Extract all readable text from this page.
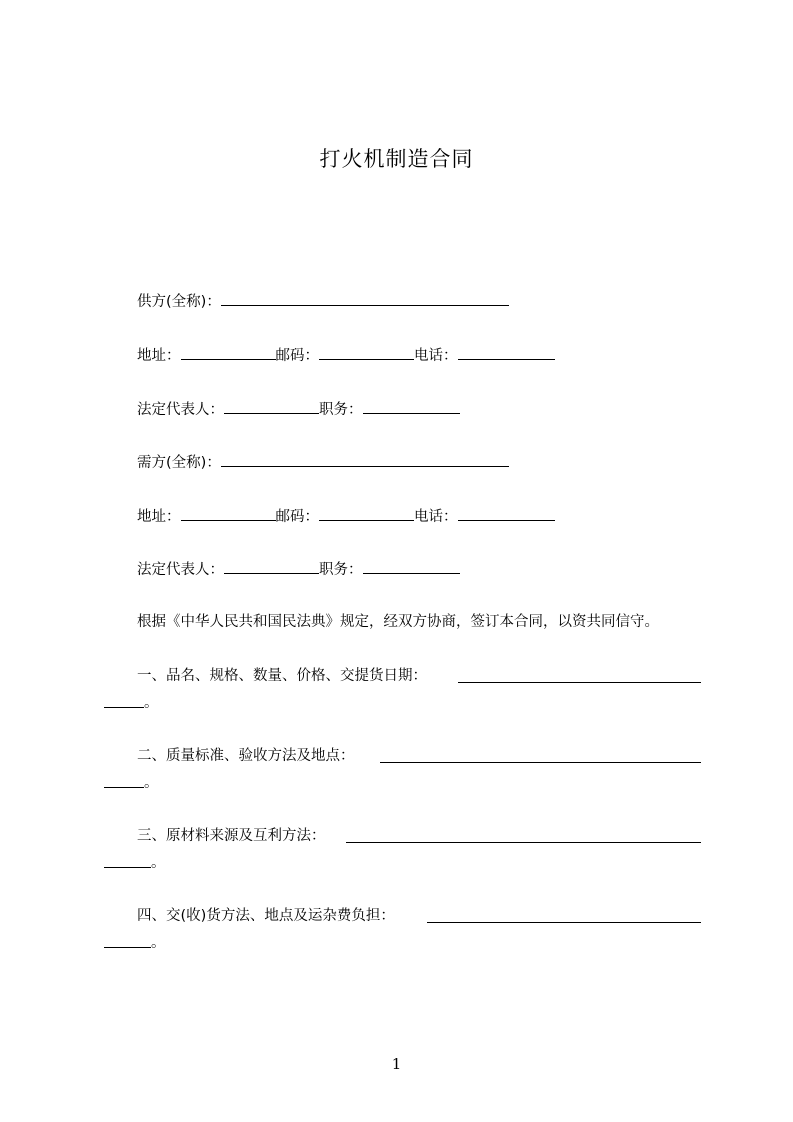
打火机制造合同
供方(全称)：
地址：	邮码：	电话：
法定代表人：	职务：
需方(全称)：
地址：	邮码：	电话：
法定代表人：	职务：
根据《中华人民共和国民法典》规定，经双方协商，签订本合同，以资共同信守。
一、品名、规格、数量、价格、交提货日期：
。
二、质量标准、验收方法及地点：
。
三、原材料来源及互利方法：
。
四、交(收)货方法、地点及运杂费负担：
。
1
